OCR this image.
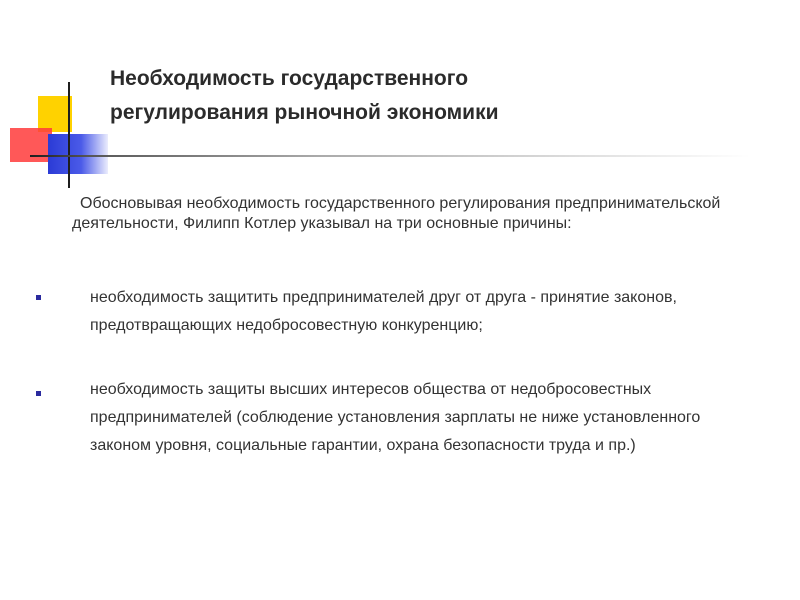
Необходимость государственного
регулирования рыночной экономики
Обосновывая необходимость государственного регулирования предпринимательской деятельности, Филипп Котлер указывал на три основные причины:
необходимость защитить предпринимателей друг от друга - принятие законов, предотвращающих недобросовестную конкуренцию;
необходимость защиты высших интересов общества от недобросовестных предпринимателей (соблюдение установления зарплаты не ниже установленного законом уровня, социальные гарантии, охрана безопасности труда и пр.)
